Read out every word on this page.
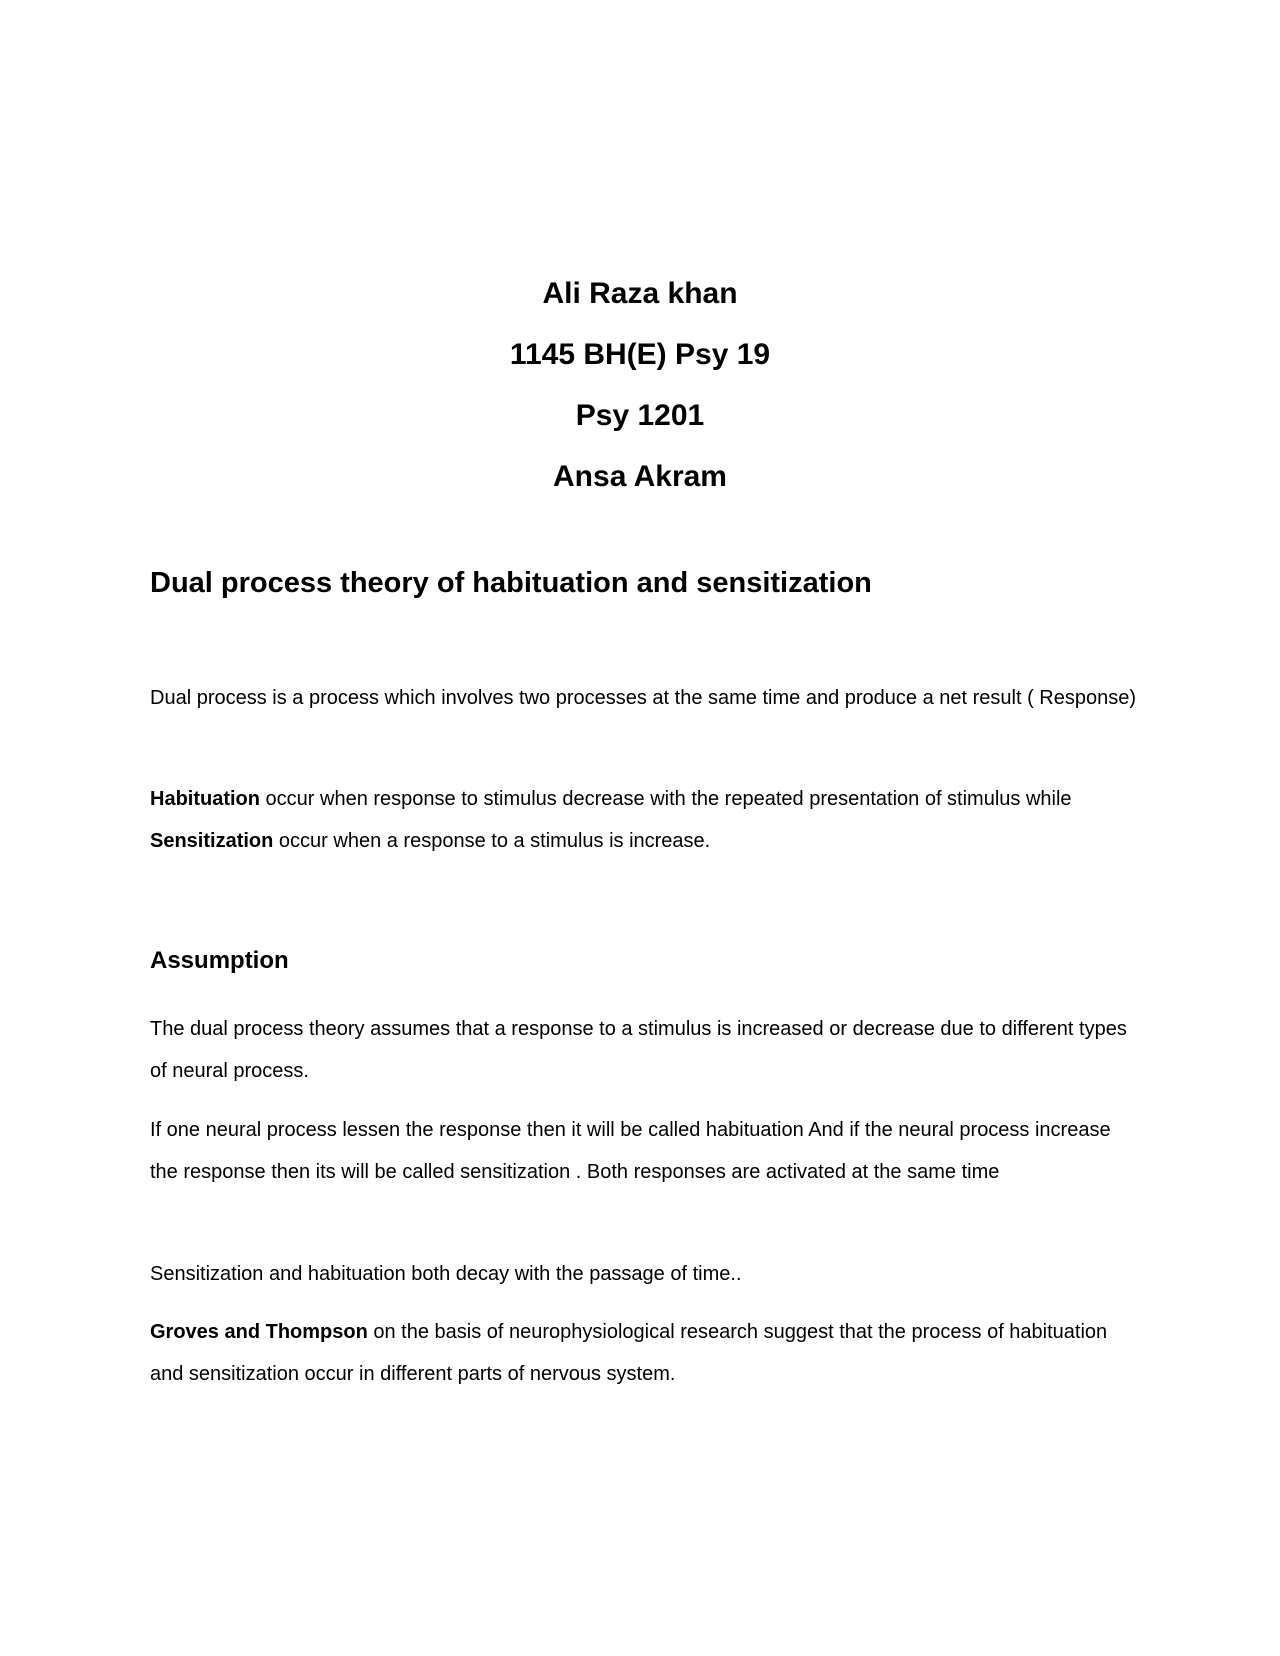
Ali Raza khan
1145 BH(E) Psy 19
Psy 1201
Ansa Akram
Dual process theory of habituation and sensitization

Dual process is a process which involves two processes at the same time and produce a net result ( Response)

Habituation occur when response to stimulus decrease with the repeated presentation of stimulus while Sensitization occur when a response to a stimulus is increase.

Assumption

The dual process theory assumes that a response to a stimulus is increased or decrease due to different types of neural process.

If one neural process lessen the response then it will be called habituation And if the neural process increase the response then its will be called sensitization . Both responses are activated at the same time

Sensitization and habituation both decay with the passage of time..

Groves and Thompson on the basis of neurophysiological research suggest that the process of habituation and sensitization occur in different parts of nervous system.
